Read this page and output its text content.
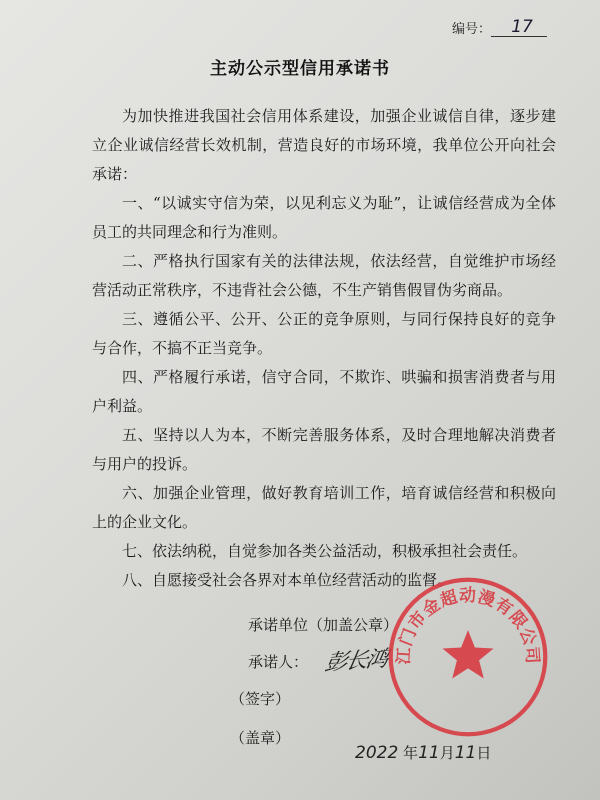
编号： 17
主动公示型信用承诺书

为加快推进我国社会信用体系建设，加强企业诚信自律，逐步建立企业诚信经营长效机制，营造良好的市场环境，我单位公开向社会承诺：

一、“以诚实守信为荣，以见利忘义为耻”，让诚信经营成为全体员工的共同理念和行为准则。

二、严格执行国家有关的法律法规，依法经营，自觉维护市场经营活动正常秩序，不违背社会公德，不生产销售假冒伪劣商品。

三、遵循公平、公开、公正的竞争原则，与同行保持良好的竞争与合作，不搞不正当竞争。

四、严格履行承诺，信守合同，不欺诈、哄骗和损害消费者与用户利益。

五、坚持以人为本，不断完善服务体系，及时合理地解决消费者与用户的投诉。

六、加强企业管理，做好教育培训工作，培育诚信经营和积极向上的企业文化。

七、依法纳税，自觉参加各类公益活动，积极承担社会责任。

八、自愿接受社会各界对本单位经营活动的监督。

承诺单位（加盖公章）
承诺人： 彭长鸿
（签字）
（盖章）
2022 年11月11日
江门市金超动漫有限公司
